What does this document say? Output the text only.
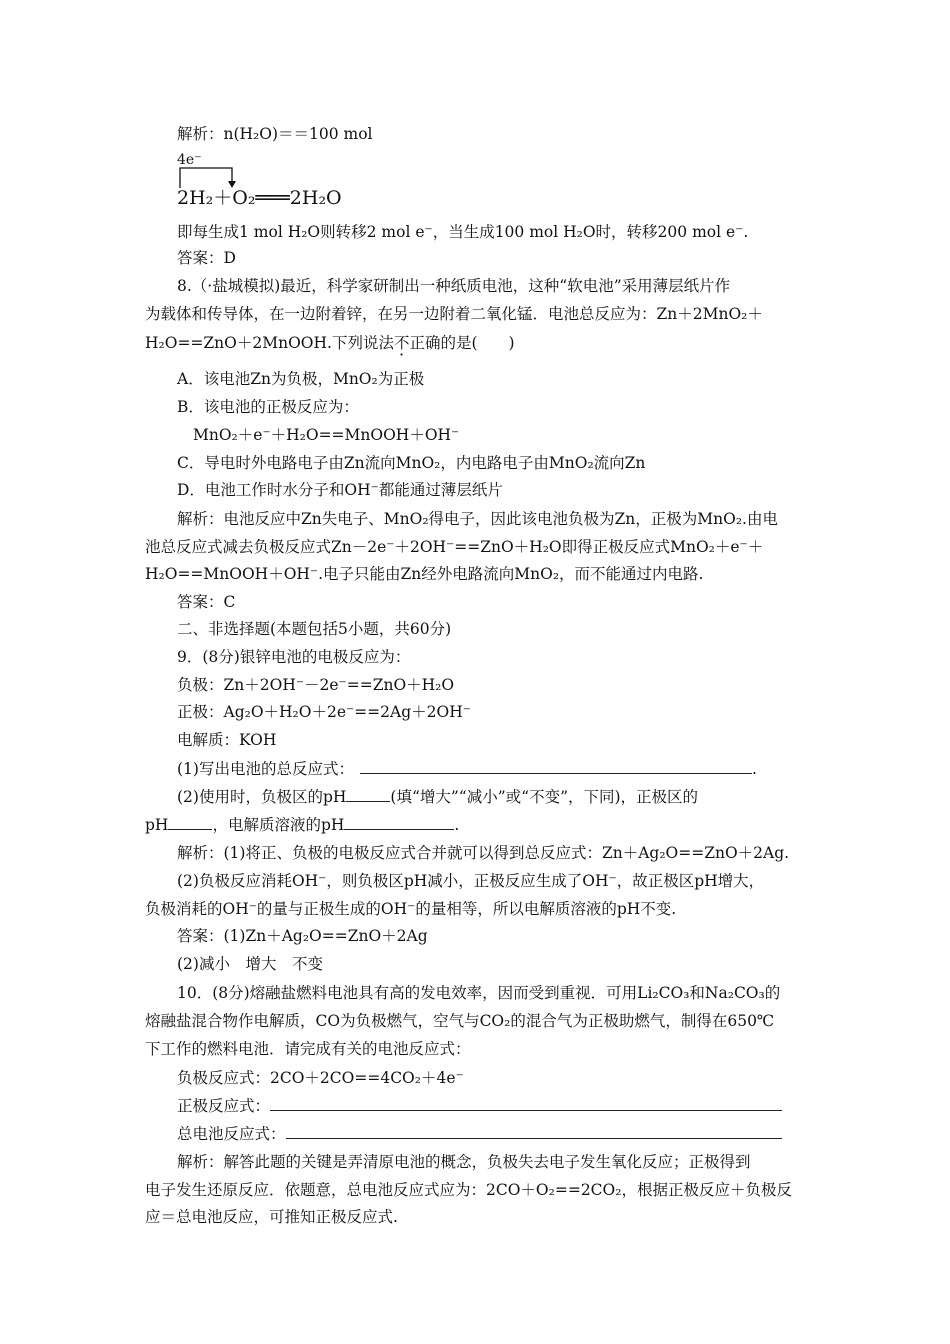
解析：n(H₂O)＝＝100 mol
4e⁻
2H₂＋O₂═══2H₂O
即每生成1 mol H₂O则转移2 mol e⁻，当生成100 mol H₂O时，转移200 mol e⁻.
答案：D
8.（·盐城模拟)最近，科学家研制出一种纸质电池，这种“软电池”采用薄层纸片作
为载体和传导体，在一边附着锌，在另一边附着二氧化锰．电池总反应为：Zn＋2MnO₂＋
H₂O==ZnO＋2MnOOH.下列说法不正确的是(　　)
A．该电池Zn为负极，MnO₂为正极
B．该电池的正极反应为：
MnO₂＋e⁻＋H₂O==MnOOH＋OH⁻
C．导电时外电路电子由Zn流向MnO₂，内电路电子由MnO₂流向Zn
D．电池工作时水分子和OH⁻都能通过薄层纸片
解析：电池反应中Zn失电子、MnO₂得电子，因此该电池负极为Zn，正极为MnO₂.由电
池总反应式减去负极反应式Zn－2e⁻＋2OH⁻==ZnO＋H₂O即得正极反应式MnO₂＋e⁻＋
H₂O==MnOOH＋OH⁻.电子只能由Zn经外电路流向MnO₂，而不能通过内电路.
答案：C
二、非选择题(本题包括5小题，共60分)
9．(8分)银锌电池的电极反应为：
负极：Zn＋2OH⁻－2e⁻==ZnO＋H₂O
正极：Ag₂O＋H₂O＋2e⁻==2Ag＋2OH⁻
电解质：KOH
(1)写出电池的总反应式：	.
(2)使用时，负极区的pH	(填“增大”“减小”或“不变”，下同)，正极区的
pH	，电解质溶液的pH	.
解析：(1)将正、负极的电极反应式合并就可以得到总反应式：Zn＋Ag₂O==ZnO＋2Ag.
(2)负极反应消耗OH⁻，则负极区pH减小，正极反应生成了OH⁻，故正极区pH增大，
负极消耗的OH⁻的量与正极生成的OH⁻的量相等，所以电解质溶液的pH不变.
答案：(1)Zn＋Ag₂O==ZnO＋2Ag
(2)减小　增大　不变
10．(8分)熔融盐燃料电池具有高的发电效率，因而受到重视．可用Li₂CO₃和Na₂CO₃的
熔融盐混合物作电解质，CO为负极燃气，空气与CO₂的混合气为正极助燃气，制得在650℃
下工作的燃料电池．请完成有关的电池反应式：
负极反应式：2CO＋2CO==4CO₂＋4e⁻
正极反应式：
总电池反应式：
解析：解答此题的关键是弄清原电池的概念，负极失去电子发生氧化反应；正极得到
电子发生还原反应．依题意，总电池反应式应为：2CO＋O₂==2CO₂，根据正极反应＋负极反
应＝总电池反应，可推知正极反应式.
